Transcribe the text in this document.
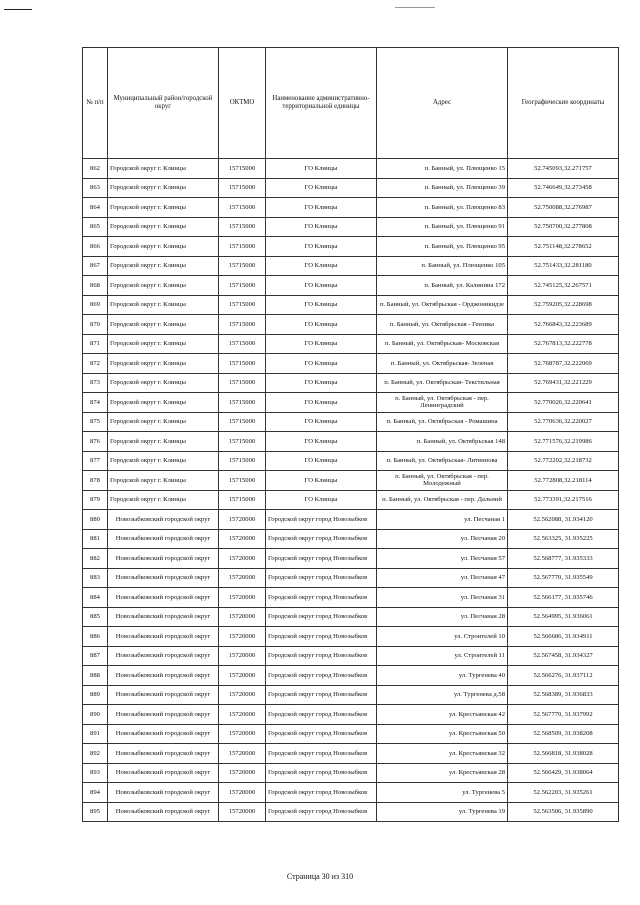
№ п/п	Муниципальный район/городской округ	ОКТМО	Наименование административно-территориальной единицы	Адрес	Географические координаты
862	Городской округ г. Клинцы	15715000	ГО Клинцы	п. Банный, ул. Плющенко 15	52.745093,32.271757
863	Городской округ г. Клинцы	15715000	ГО Клинцы	п. Банный, ул. Плющенко 39	52.746649,32.273458
864	Городской округ г. Клинцы	15715000	ГО Клинцы	п. Банный, ул. Плющенко 83	52.750088,32.276987
865	Городской округ г. Клинцы	15715000	ГО Клинцы	п. Банный, ул. Плющенко 91	52.750700,32.277808
866	Городской округ г. Клинцы	15715000	ГО Клинцы	п. Банный, ул. Плющенко 95	52.751148,32.278652
867	Городской округ г. Клинцы	15715000	ГО Клинцы	п. Банный, ул. Плющенко 105	52.751433,32.281180
868	Городской округ г. Клинцы	15715000	ГО Клинцы	п. Банный, ул. Калинина 172	52.745125,32.267571
869	Городской округ г. Клинцы	15715000	ГО Клинцы	п. Банный, ул. Октябрьская - Орджоникидзе	52.759205,32.228698
870	Городской округ г. Клинцы	15715000	ГО Клинцы	п. Банный, ул. Октябрьская - Гензика	52.766843,32.223689
871	Городской округ г. Клинцы	15715000	ГО Клинцы	п. Банный, ул. Октябрьская- Московская	52.767813,32.222778
872	Городской округ г. Клинцы	15715000	ГО Клинцы	п. Банный, ул. Октябрьская- Зеленая	52.768787,32.222069
873	Городской округ г. Клинцы	15715000	ГО Клинцы	п. Банный, ул. Октябрьская- Текстильная	52.769431,32.221229
874	Городской округ г. Клинцы	15715000	ГО Клинцы	п. Банный, ул. Октябрьская - пер. Ленинградский	52.770026,32.220641
875	Городской округ г. Клинцы	15715000	ГО Клинцы	п. Банный, ул. Октябрьская - Ромашина	52.770636,32.220027
876	Городской округ г. Клинцы	15715000	ГО Клинцы	п. Банный, ул. Октябрьская 148	52.771576,32.219986
877	Городской округ г. Клинцы	15715000	ГО Клинцы	п. Банный, ул. Октябрьская- Литвинова	52.772202,32.218732
878	Городской округ г. Клинцы	15715000	ГО Клинцы	п. Банный, ул. Октябрьская - пер. Молодежный	52.772808,32.218114
879	Городской округ г. Клинцы	15715000	ГО Клинцы	п. Банный, ул. Октябрьская - пер. Дальний	52.773391,32.217516
880	Новозыбковский городской округ	15720000	Городской округ город Новозыбков	ул. Песчаная 1	52.562088, 31.934120
881	Новозыбковский городской округ	15720000	Городской округ город Новозыбков	ул. Песчаная 20	52.563325, 31.935225
882	Новозыбковский городской округ	15720000	Городской округ город Новозыбков	ул. Песчаная 57	52.568777, 31.935333
883	Новозыбковский городской округ	15720000	Городской округ город Новозыбков	ул. Песчаная 47	52.567770, 31.935549
884	Новозыбковский городской округ	15720000	Городской округ город Новозыбков	ул. Песчаная 31	52.566177, 31.935746
885	Новозыбковский городской округ	15720000	Городской округ город Новозыбков	ул. Песчаная 28	52.564995, 31.936061
886	Новозыбковский городской округ	15720000	Городской округ город Новозыбков	ул. Строителей 10	52.566686, 31.934911
887	Новозыбковский городской округ	15720000	Городской округ город Новозыбков	ул. Строителей 11	52.567458, 31.934327
888	Новозыбковский городской округ	15720000	Городской округ город Новозыбков	ул. Тургенева 40	52.566276, 31.937112
889	Новозыбковский городской округ	15720000	Городской округ город Новозыбков	ул. Тургенева д.58	52.568389, 31.936833
890	Новозыбковский городской округ	15720000	Городской округ город Новозыбков	ул. Крестьянская 42	52.567770, 31.937992
891	Новозыбковский городской округ	15720000	Городской округ город Новозыбков	ул. Крестьянская 50	52.568509, 31.938208
892	Новозыбковский городской округ	15720000	Городской округ город Новозыбков	ул. Крестьянская 32	52.566818, 31.938028
893	Новозыбковский городской округ	15720000	Городской округ город Новозыбков	ул. Крестьянская 28	52.566429, 31.938064
894	Новозыбковский городской округ	15720000	Городской округ город Новозыбков	ул. Тургенева 5	52.562203, 31.935261
895	Новозыбковский городской округ	15720000	Городской округ город Новозыбков	ул. Тургенева 19	52.563506, 31.935890
Страница 30 из 310
